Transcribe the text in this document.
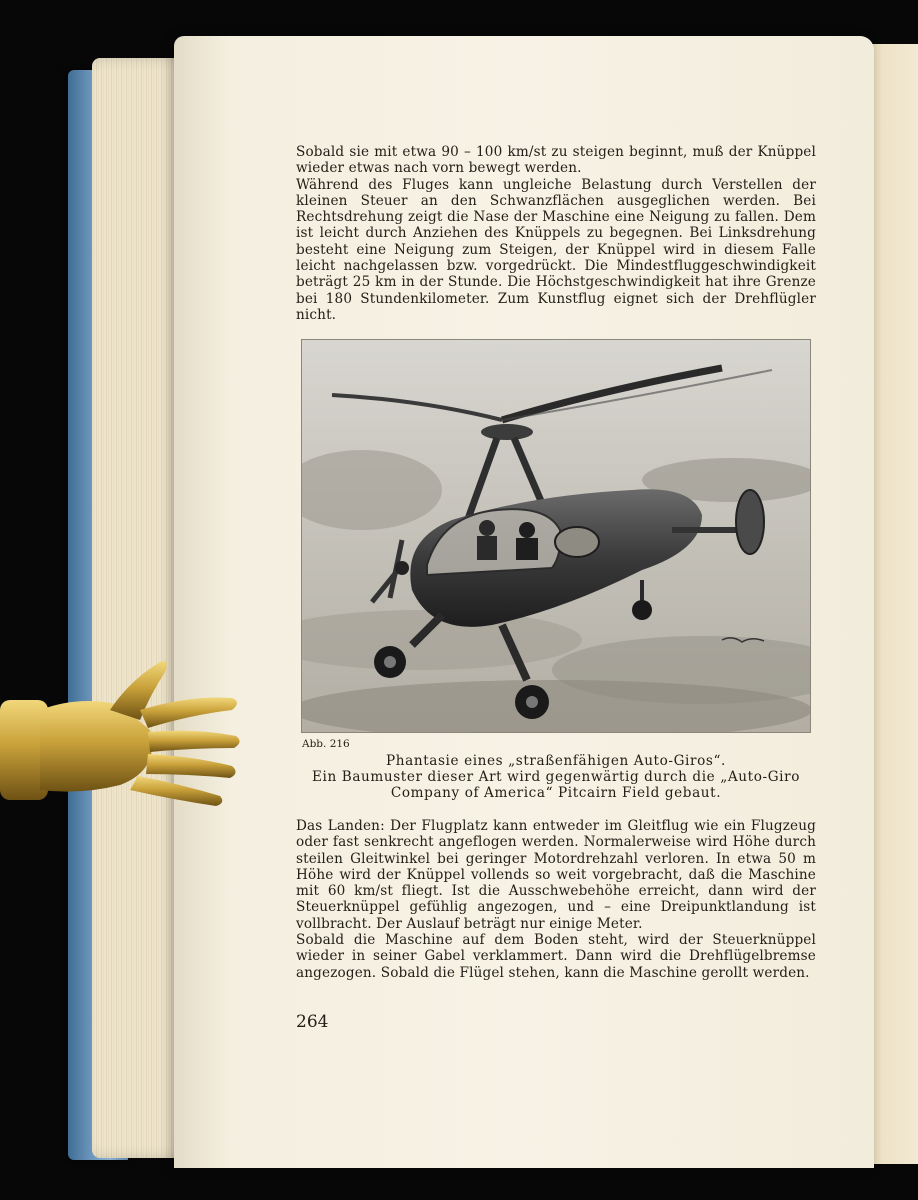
Sobald sie mit etwa 90 – 100 km/st zu steigen beginnt, muß der Knüppel wieder etwas nach vorn bewegt werden.

Während des Fluges kann ungleiche Belastung durch Verstellen der kleinen Steuer an den Schwanzflächen ausgeglichen werden. Bei Rechtsdrehung zeigt die Nase der Maschine eine Neigung zu fallen. Dem ist leicht durch Anziehen des Knüppels zu begegnen. Bei Linksdrehung besteht eine Neigung zum Steigen, der Knüppel wird in diesem Falle leicht nachgelassen bzw. vorgedrückt. Die Mindestfluggeschwindigkeit beträgt 25 km in der Stunde. Die Höchstgeschwindigkeit hat ihre Grenze bei 180 Stundenkilometer. Zum Kunstflug eignet sich der Drehflügler nicht.

Abb. 216
Phantasie eines „straßenfähigen Auto-Giros“.
Ein Baumuster dieser Art wird gegenwärtig durch die „Auto-Giro
Company of America“ Pitcairn Field gebaut.

Das Landen: Der Flugplatz kann entweder im Gleitflug wie ein Flugzeug oder fast senkrecht angeflogen werden. Normalerweise wird Höhe durch steilen Gleitwinkel bei geringer Motordrehzahl verloren. In etwa 50 m Höhe wird der Knüppel vollends so weit vorgebracht, daß die Maschine mit 60 km/st fliegt. Ist die Ausschwebehöhe erreicht, dann wird der Steuerknüppel gefühlig angezogen, und – eine Dreipunktlandung ist vollbracht. Der Auslauf beträgt nur einige Meter.

Sobald die Maschine auf dem Boden steht, wird der Steuerknüppel wieder in seiner Gabel verklammert. Dann wird die Drehflügelbremse angezogen. Sobald die Flügel stehen, kann die Maschine gerollt werden.

264
